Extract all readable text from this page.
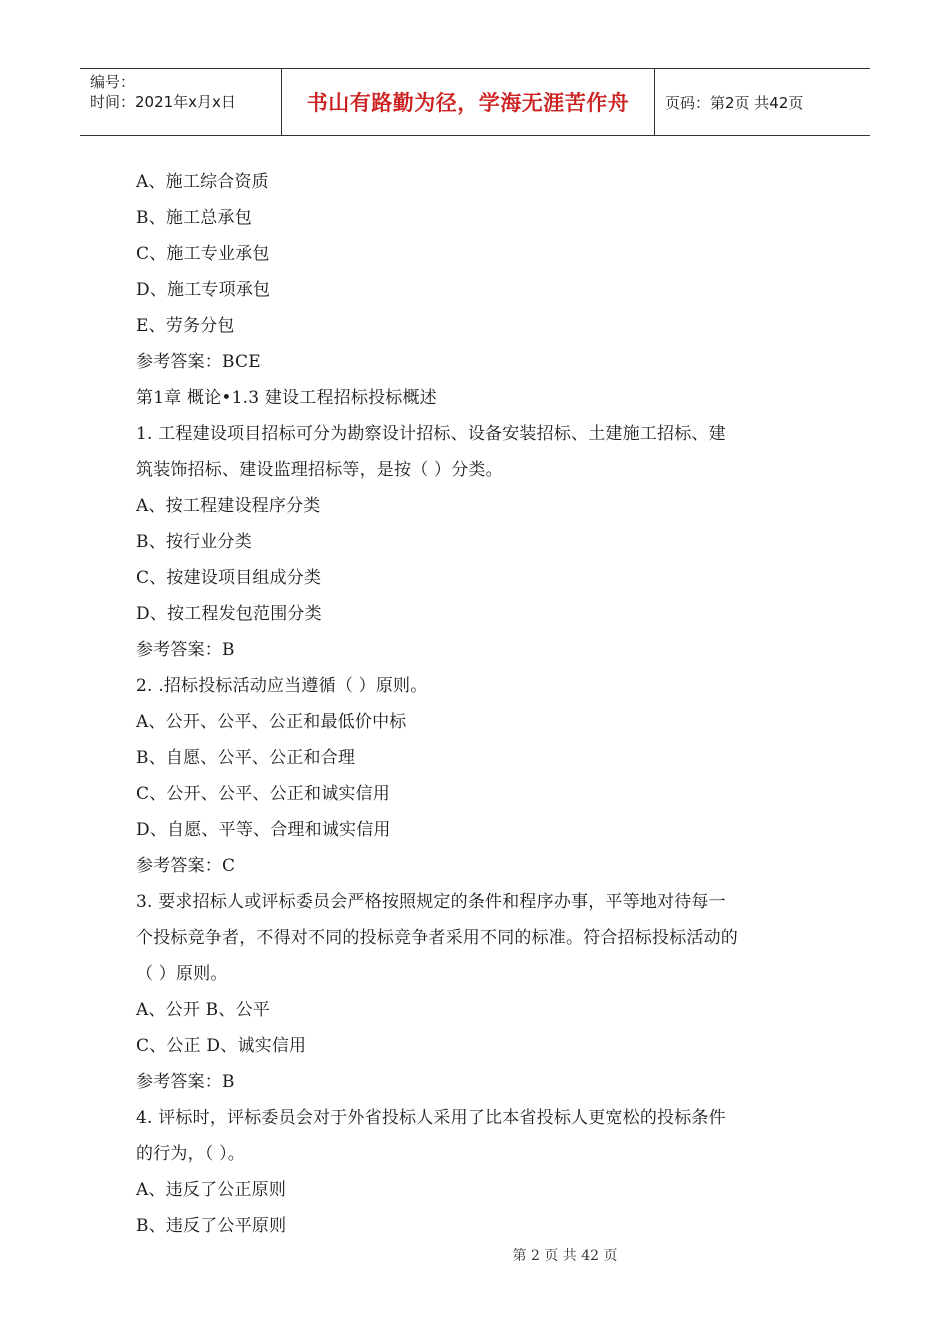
编号：
时间：2021年x月x日	书山有路勤为径，学海无涯苦作舟	页码：第2页 共42页
A、施工综合资质
B、施工总承包
C、施工专业承包
D、施工专项承包
E、劳务分包
参考答案：BCE
第1章 概论•1.3 建设工程招标投标概述
1. 工程建设项目招标可分为勘察设计招标、设备安装招标、土建施工招标、建
筑装饰招标、建设监理招标等，是按（ ）分类。
A、按工程建设程序分类
B、按行业分类
C、按建设项目组成分类
D、按工程发包范围分类
参考答案：B
2. .招标投标活动应当遵循（ ）原则。
A、公开、公平、公正和最低价中标
B、自愿、公平、公正和合理
C、公开、公平、公正和诚实信用
D、自愿、平等、合理和诚实信用
参考答案：C
3. 要求招标人或评标委员会严格按照规定的条件和程序办事，平等地对待每一
个投标竞争者，不得对不同的投标竞争者采用不同的标准。符合招标投标活动的
（ ）原则。
A、公开 B、公平
C、公正 D、诚实信用
参考答案：B
4. 评标时，评标委员会对于外省投标人采用了比本省投标人更宽松的投标条件
的行为，（ ）。
A、违反了公正原则
B、违反了公平原则
第 2 页 共 42 页
